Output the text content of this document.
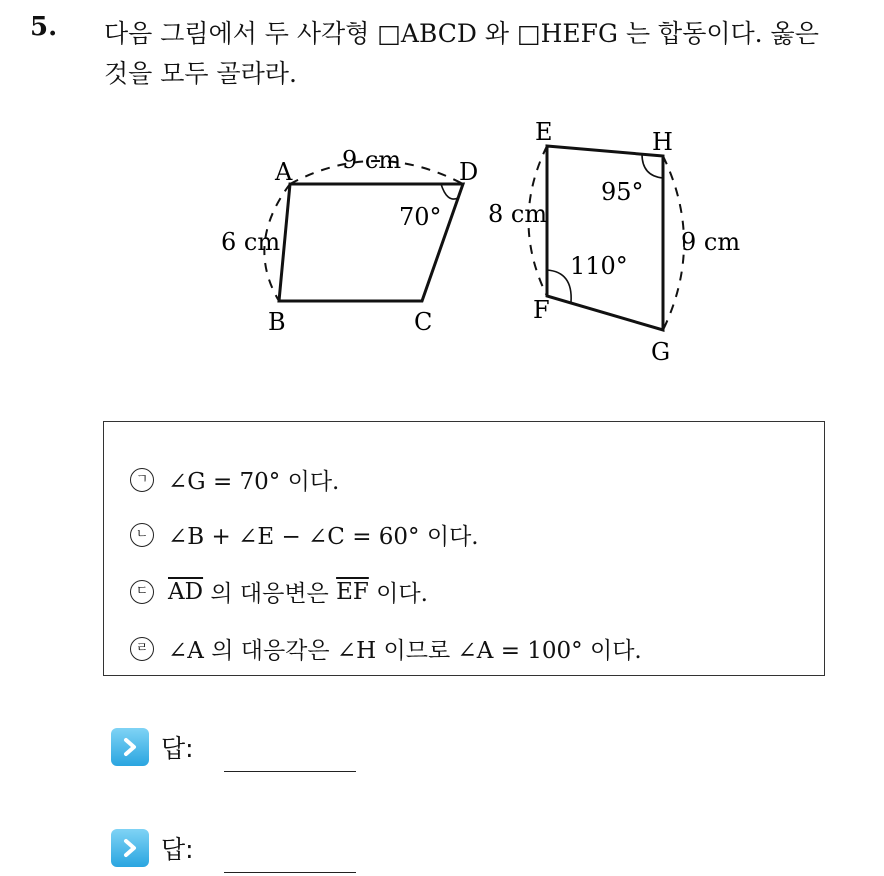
5. 다음 그림에서 두 사각형 □ABCD 와 □HEFG 는 합동이다. 옳은
것을 모두 골라라.
A	D
B	C
9 cm
6 cm
70°
E	H
F
G
8 cm
9 cm
95°
110°
ㄱ ∠G = 70° 이다.
ㄴ ∠B + ∠E − ∠C = 60° 이다.
ㄷ $\overline{AD}$ 의 대응변은 $\overline{EF}$ 이다.
ㄹ ∠A 의 대응각은 ∠H 이므로 ∠A = 100° 이다.
답:
답:
